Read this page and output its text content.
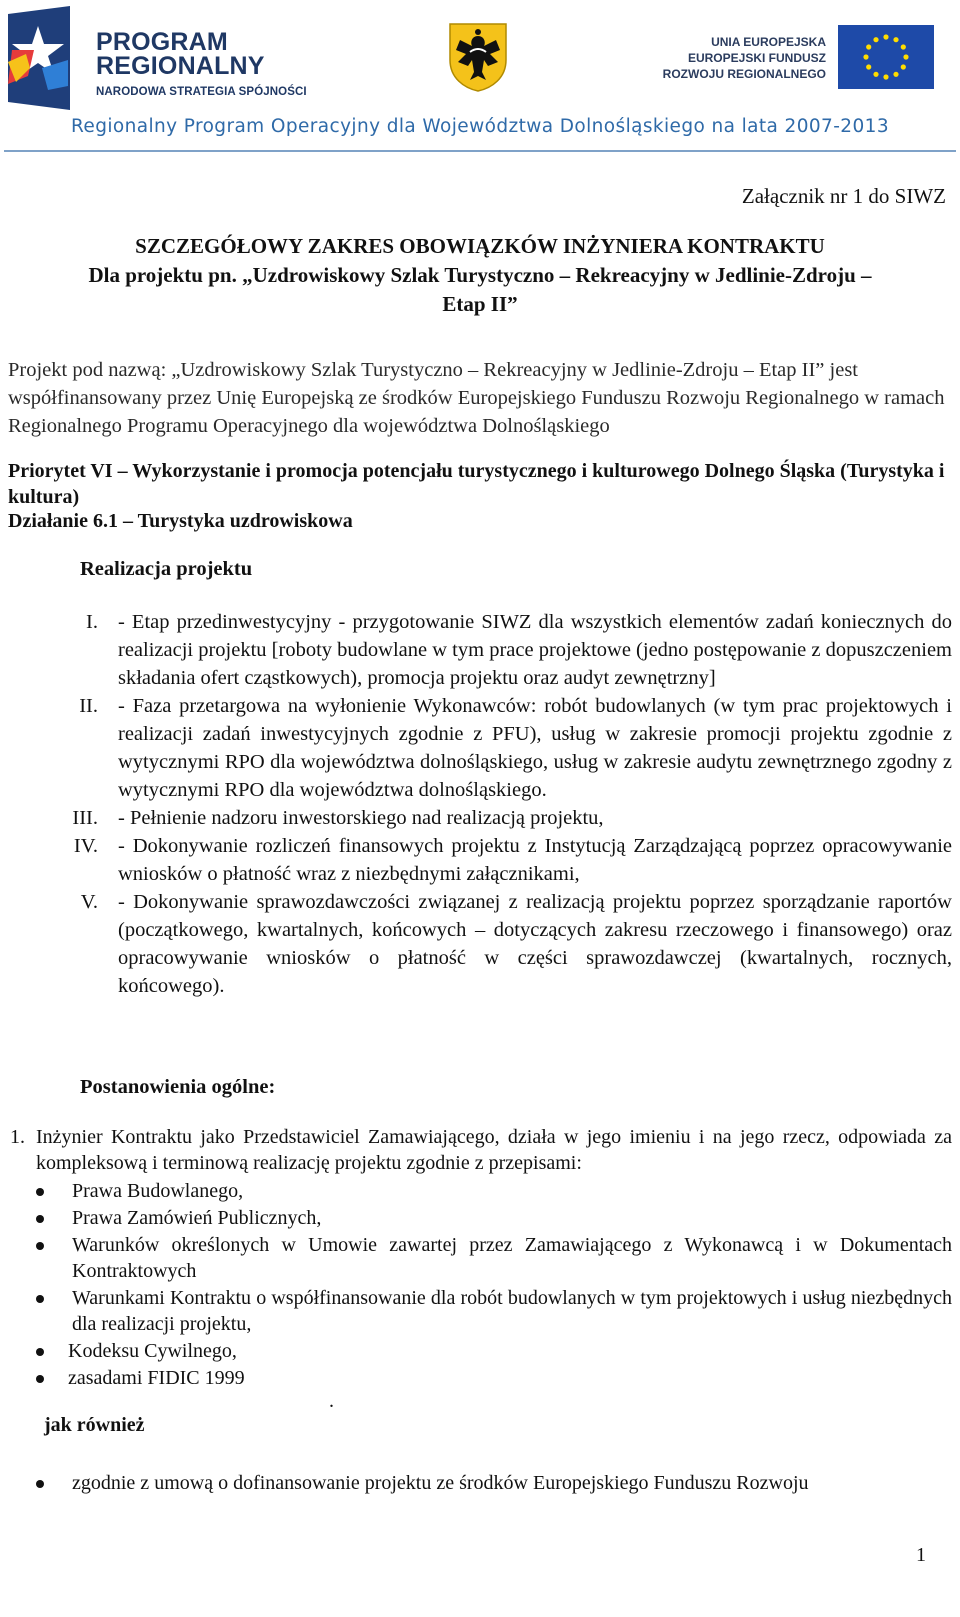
PROGRAM
REGIONALNY
NARODOWA STRATEGIA SPÓJNOŚCI
UNIA EUROPEJSKA
EUROPEJSKI FUNDUSZ
ROZWOJU REGIONALNEGO
Regionalny Program Operacyjny dla Województwa Dolnośląskiego na lata 2007-2013
Załącznik nr 1 do SIWZ
SZCZEGÓŁOWY ZAKRES OBOWIĄZKÓW INŻYNIERA KONTRAKTU
Dla projektu pn. „Uzdrowiskowy Szlak Turystyczno – Rekreacyjny w Jedlinie-Zdroju –
Etap II”
Projekt pod nazwą: „Uzdrowiskowy Szlak Turystyczno – Rekreacyjny w Jedlinie-Zdroju – Etap II” jest współfinansowany przez Unię Europejską ze środków Europejskiego Funduszu Rozwoju Regionalnego w ramach Regionalnego Programu Operacyjnego dla województwa Dolnośląskiego
Priorytet VI – Wykorzystanie i promocja potencjału turystycznego i kulturowego Dolnego Śląska (Turystyka i kultura)
Działanie 6.1 – Turystyka uzdrowiskowa
Realizacja projektu
I. - Etap przedinwestycyjny - przygotowanie SIWZ dla wszystkich elementów zadań koniecznych do realizacji projektu [roboty budowlane w tym prace projektowe (jedno postępowanie z dopuszczeniem składania ofert cząstkowych), promocja projektu oraz audyt zewnętrzny]
II. - Faza przetargowa na wyłonienie Wykonawców: robót budowlanych (w tym prac projektowych i realizacji zadań inwestycyjnych zgodnie z PFU), usług w zakresie promocji projektu zgodnie z wytycznymi RPO dla województwa dolnośląskiego, usług w zakresie audytu zewnętrznego zgodny z wytycznymi RPO dla województwa dolnośląskiego.
III. - Pełnienie nadzoru inwestorskiego nad realizacją projektu,
IV. - Dokonywanie rozliczeń finansowych projektu z Instytucją Zarządzającą poprzez opracowywanie wniosków o płatność wraz z niezbędnymi załącznikami,
V. - Dokonywanie sprawozdawczości związanej z realizacją projektu poprzez sporządzanie raportów (początkowego, kwartalnych, końcowych – dotyczących zakresu rzeczowego i finansowego) oraz opracowywanie wniosków o płatność w części sprawozdawczej (kwartalnych, rocznych, końcowego).
Postanowienia ogólne:
1. Inżynier Kontraktu jako Przedstawiciel Zamawiającego, działa w jego imieniu i na jego rzecz, odpowiada za kompleksową i terminową realizację projektu zgodnie z przepisami:
Prawa Budowlanego,
Prawa Zamówień Publicznych,
Warunków określonych w Umowie zawartej przez Zamawiającego z Wykonawcą i w Dokumentach Kontraktowych
Warunkami Kontraktu o współfinansowanie dla robót budowlanych w tym projektowych i usług niezbędnych dla realizacji projektu,
Kodeksu Cywilnego,
zasadami FIDIC 1999
.
jak również
zgodnie z umową o dofinansowanie projektu ze środków Europejskiego Funduszu Rozwoju
1
